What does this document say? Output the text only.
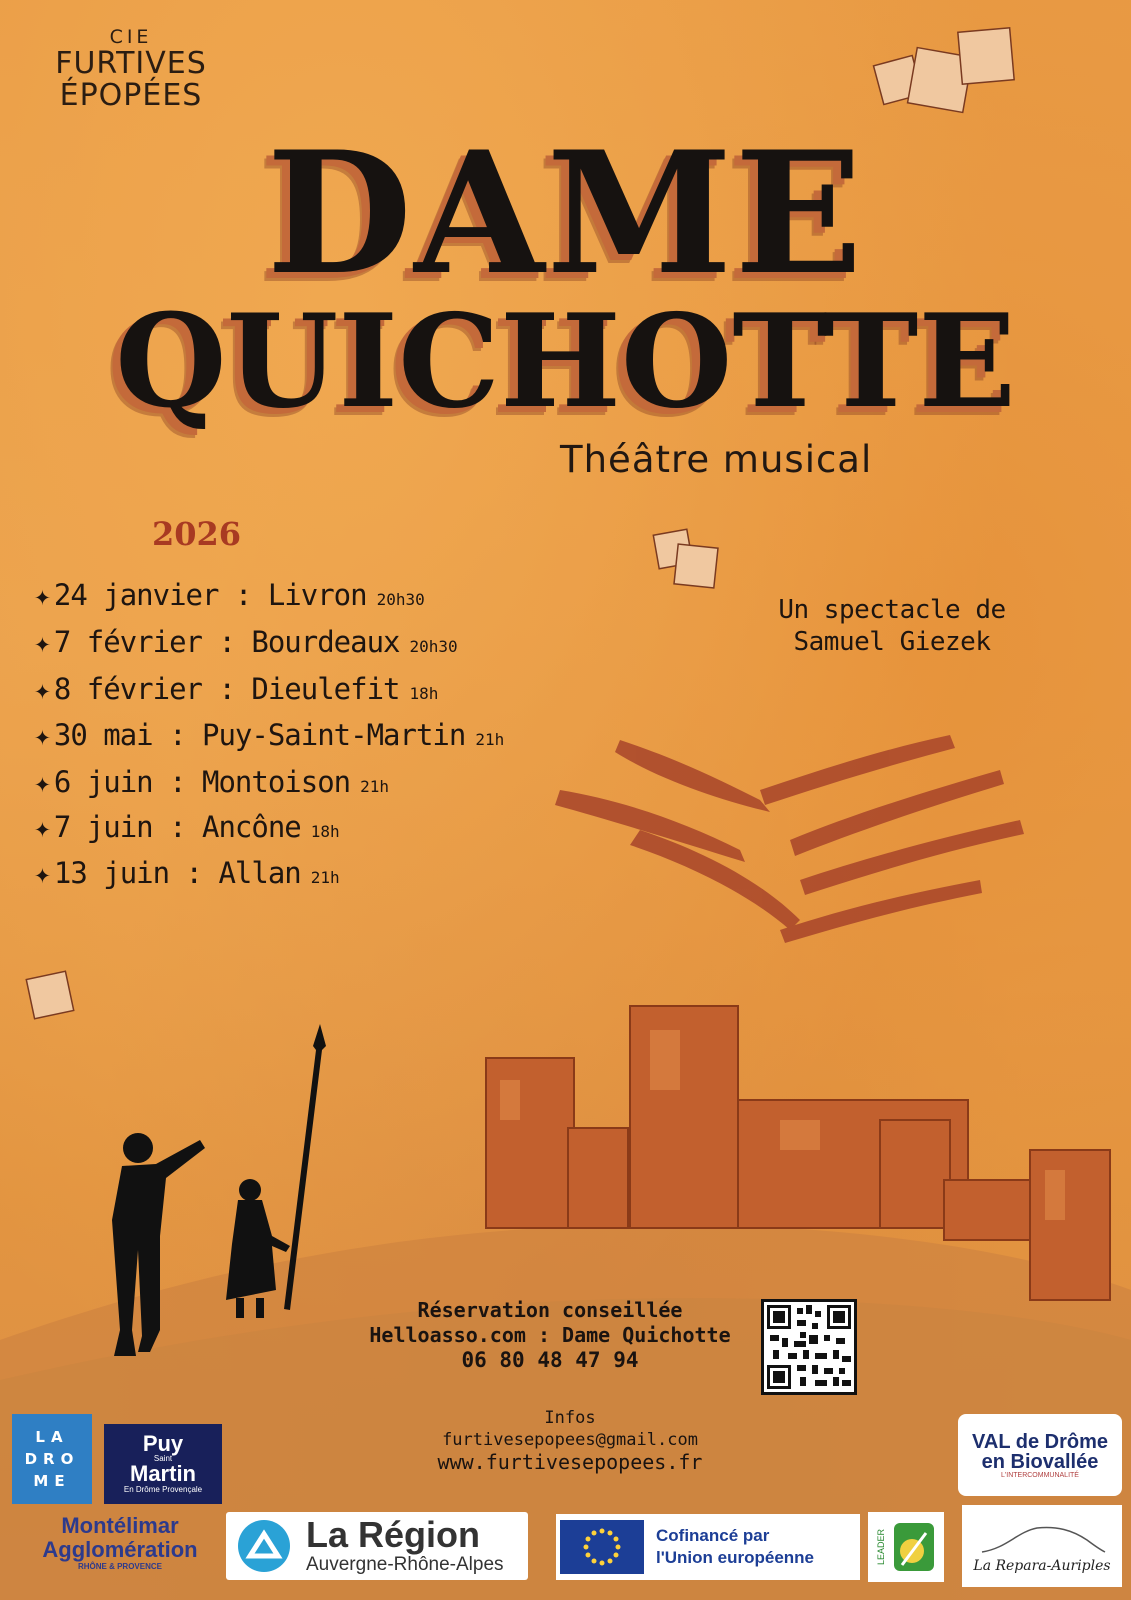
CIE
FURTIVES
ÉPOPÉES
DAME
QUICHOTTE
Théâtre musical
2026
✦ 24 janvier : Livron 20h30
✦ 7 février : Bourdeaux 20h30
✦ 8 février : Dieulefit 18h
✦ 30 mai : Puy-Saint-Martin 21h
✦ 6 juin : Montoison 21h
✦ 7 juin : Ancône 18h
✦ 13 juin : Allan 21h
Un spectacle de
Samuel Giezek
Réservation conseillée
Helloasso.com : Dame Quichotte
06 80 48 47 94
Infos
furtivesepopees@gmail.com
www.furtivesepopees.fr
LA
DRO
ME
Puy
Saint
Martin
En Drôme Provençale
Montélimar
Agglomération
RHÔNE & PROVENCE
La Région
Auvergne-Rhône-Alpes
Cofinancé par
l'Union européenne	LEADER
VAL de Drôme
en Biovallée
L'INTERCOMMUNALITÉ
La Repara-Auriples
